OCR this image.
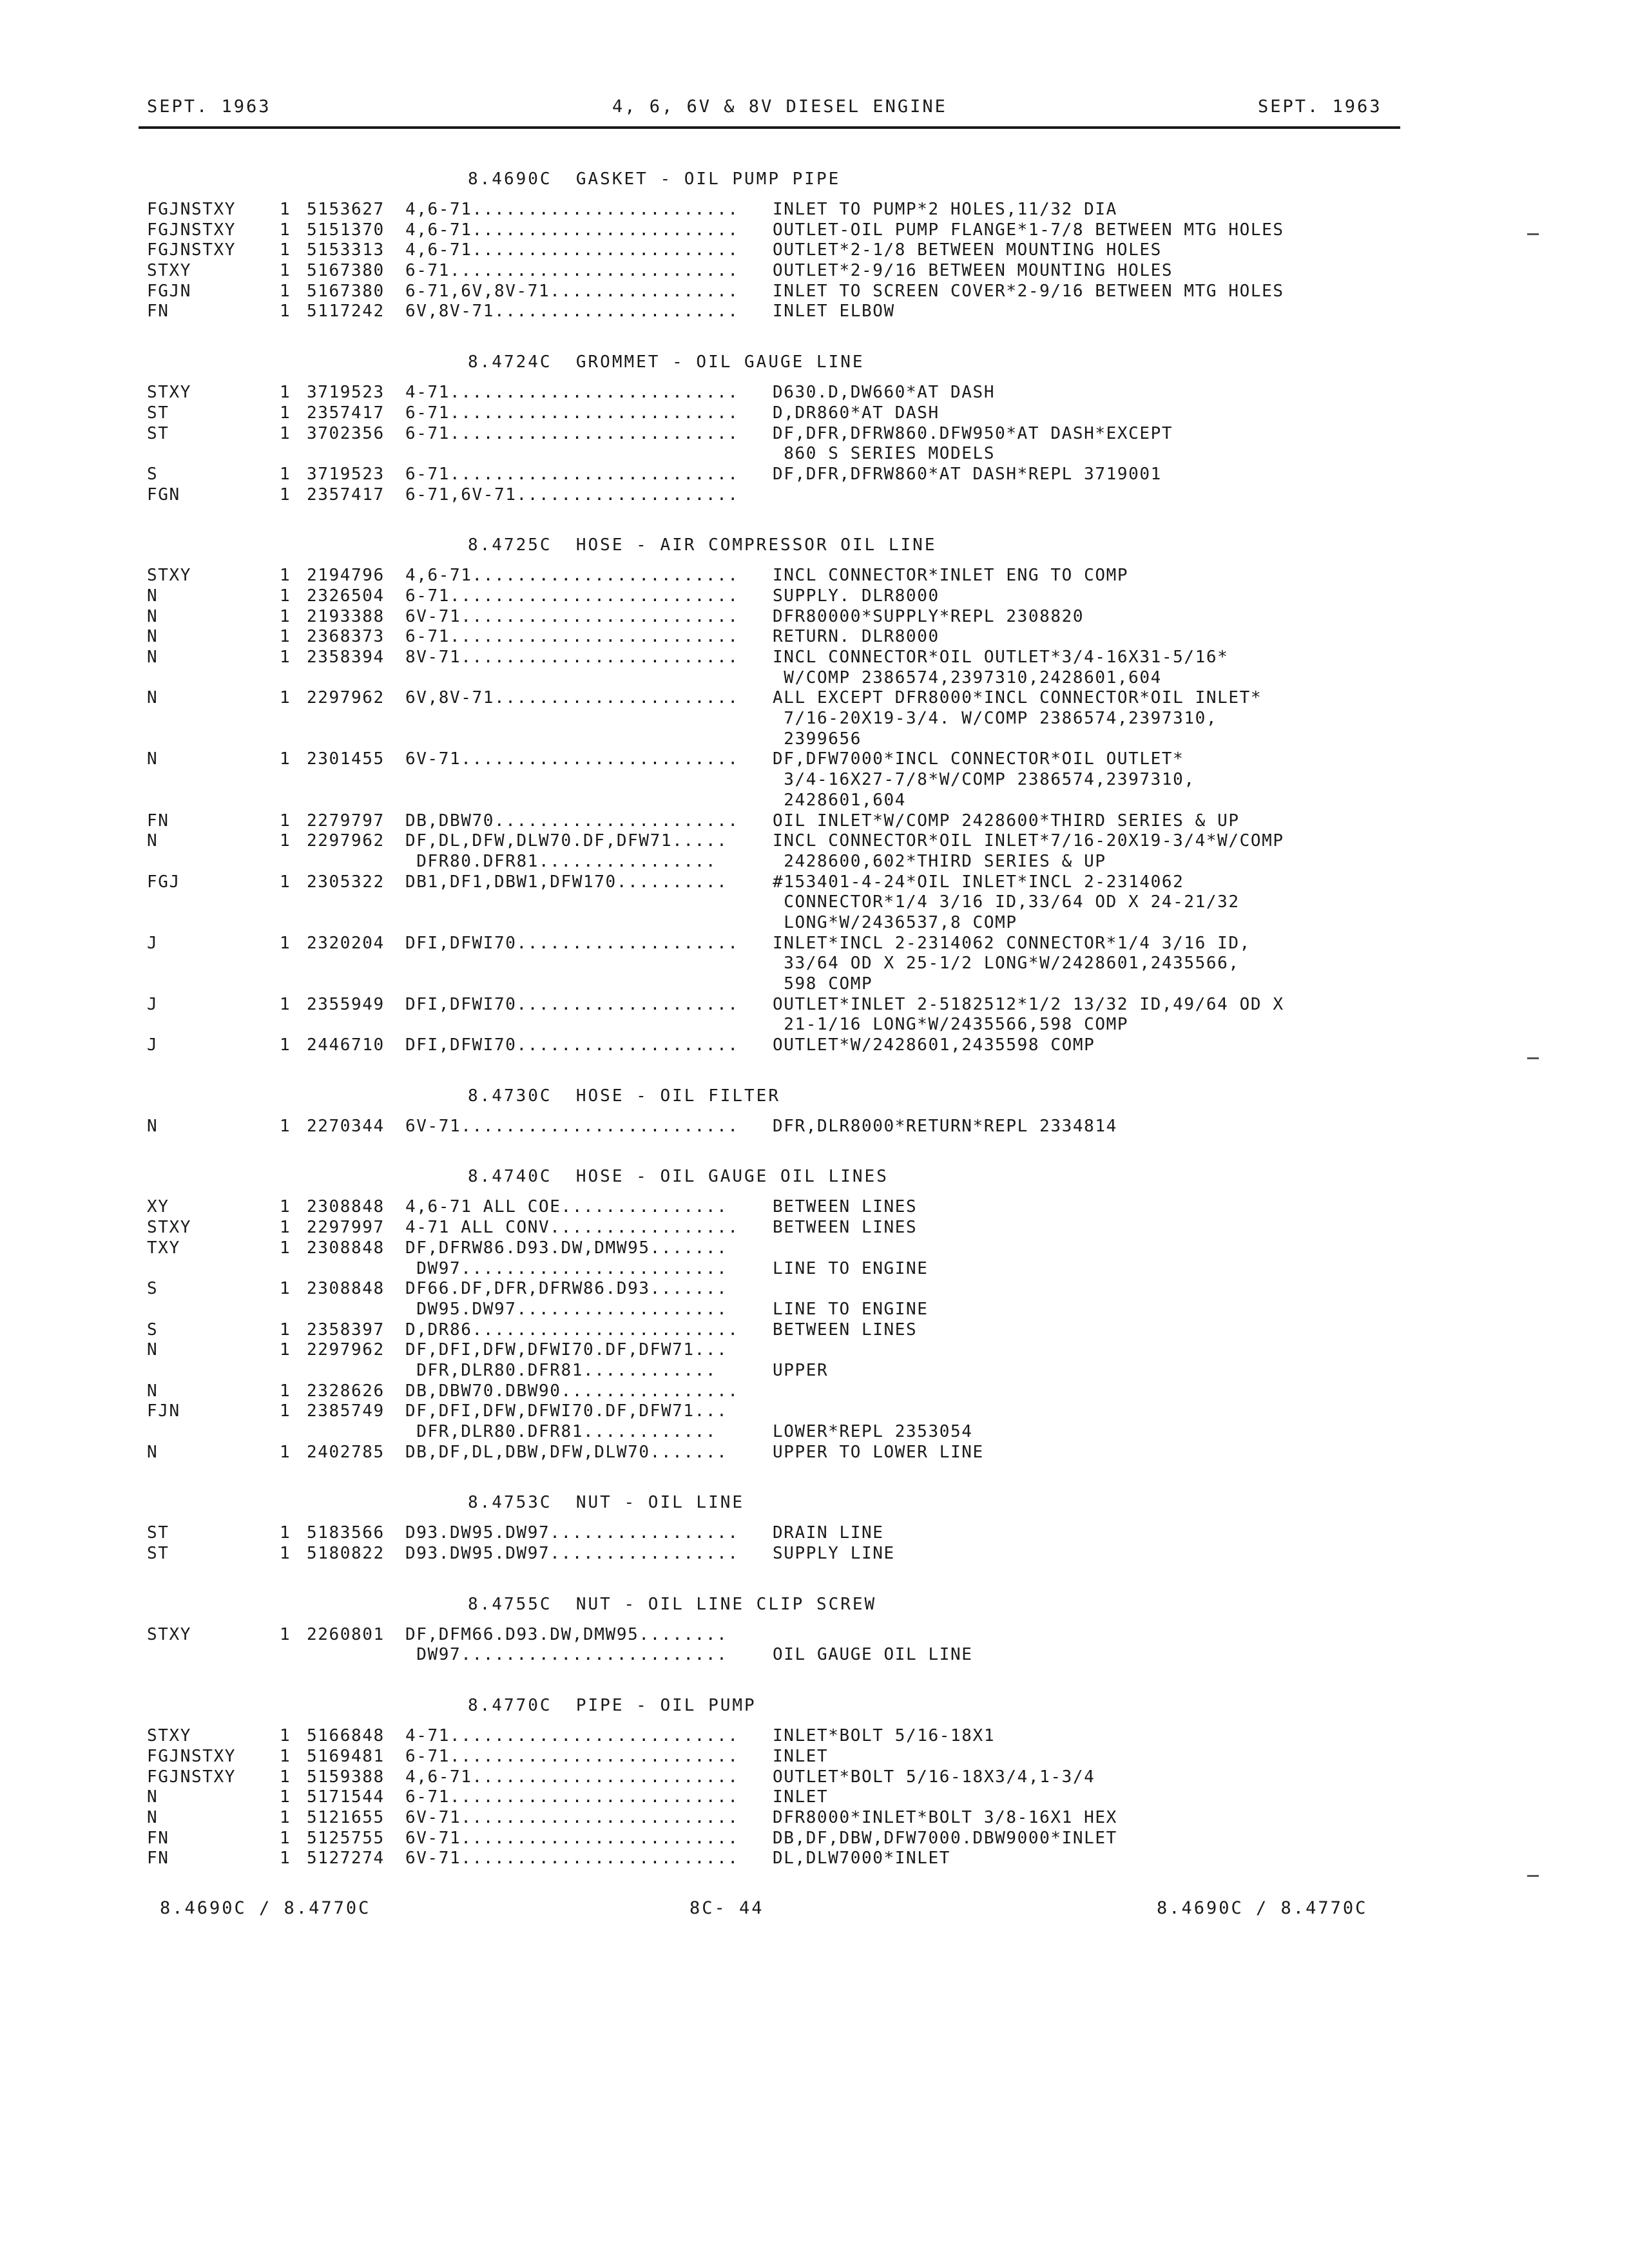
SEPT. 1963	4, 6, 6V & 8V DIESEL ENGINE	SEPT. 1963
8.4690C  GASKET - OIL PUMP PIPE
FGJNSTXY	1 5153627 4,6-71........................ INLET TO PUMP*2 HOLES,11/32 DIA
FGJNSTXY	1 5151370 4,6-71........................ OUTLET-OIL PUMP FLANGE*1-7/8 BETWEEN MTG HOLES
FGJNSTXY	1 5153313 4,6-71........................ OUTLET*2-1/8 BETWEEN MOUNTING HOLES
STXY	1 5167380 6-71.......................... OUTLET*2-9/16 BETWEEN MOUNTING HOLES
FGJN	1 5167380 6-71,6V,8V-71................. INLET TO SCREEN COVER*2-9/16 BETWEEN MTG HOLES
FN	1 5117242 6V,8V-71...................... INLET ELBOW
8.4724C  GROMMET - OIL GAUGE LINE
STXY	1 3719523 4-71.......................... D630.D,DW660*AT DASH
ST	1 2357417 6-71.......................... D,DR860*AT DASH
ST	1 3702356 6-71.......................... DF,DFR,DFRW860.DFW950*AT DASH*EXCEPT
860 S SERIES MODELS
S	1 3719523 6-71.......................... DF,DFR,DFRW860*AT DASH*REPL 3719001
FGN	1 2357417 6-71,6V-71....................
8.4725C  HOSE - AIR COMPRESSOR OIL LINE
STXY	1 2194796 4,6-71........................ INCL CONNECTOR*INLET ENG TO COMP
N	1 2326504 6-71.......................... SUPPLY. DLR8000
N	1 2193388 6V-71......................... DFR80000*SUPPLY*REPL 2308820
N	1 2368373 6-71.......................... RETURN. DLR8000
N	1 2358394 8V-71......................... INCL CONNECTOR*OIL OUTLET*3/4-16X31-5/16*
W/COMP 2386574,2397310,2428601,604
N	1 2297962 6V,8V-71...................... ALL EXCEPT DFR8000*INCL CONNECTOR*OIL INLET*
7/16-20X19-3/4. W/COMP 2386574,2397310,
2399656
N	1 2301455 6V-71......................... DF,DFW7000*INCL CONNECTOR*OIL OUTLET*
3/4-16X27-7/8*W/COMP 2386574,2397310,
2428601,604
FN	1 2279797 DB,DBW70...................... OIL INLET*W/COMP 2428600*THIRD SERIES & UP
N	1 2297962 DF,DL,DFW,DLW70.DF,DFW71.....	INCL CONNECTOR*OIL INLET*7/16-20X19-3/4*W/COMP
DFR80.DFR81................	2428600,602*THIRD SERIES & UP
FGJ	1 2305322 DB1,DF1,DBW1,DFW170..........	#153401-4-24*OIL INLET*INCL 2-2314062
CONNECTOR*1/4 3/16 ID,33/64 OD X 24-21/32
LONG*W/2436537,8 COMP
J	1 2320204 DFI,DFWI70.................... INLET*INCL 2-2314062 CONNECTOR*1/4 3/16 ID,
33/64 OD X 25-1/2 LONG*W/2428601,2435566,
598 COMP
J	1 2355949 DFI,DFWI70.................... OUTLET*INLET 2-5182512*1/2 13/32 ID,49/64 OD X
21-1/16 LONG*W/2435566,598 COMP
J	1 2446710 DFI,DFWI70.................... OUTLET*W/2428601,2435598 COMP
8.4730C  HOSE - OIL FILTER
N	1 2270344 6V-71......................... DFR,DLR8000*RETURN*REPL 2334814
8.4740C  HOSE - OIL GAUGE OIL LINES
XY	1 2308848 4,6-71 ALL COE...............	BETWEEN LINES
STXY	1 2297997 4-71 ALL CONV................. BETWEEN LINES
TXY	1 2308848 DF,DFRW86.D93.DW,DMW95.......
DW97........................	LINE TO ENGINE
S	1 2308848 DF66.DF,DFR,DFRW86.D93.......
DW95.DW97...................	LINE TO ENGINE
S	1 2358397 D,DR86........................ BETWEEN LINES
N	1 2297962 DF,DFI,DFW,DFWI70.DF,DFW71...
DFR,DLR80.DFR81............	UPPER
N	1 2328626 DB,DBW70.DBW90................
FJN	1 2385749 DF,DFI,DFW,DFWI70.DF,DFW71...
DFR,DLR80.DFR81............	LOWER*REPL 2353054
N	1 2402785 DB,DF,DL,DBW,DFW,DLW70.......	UPPER TO LOWER LINE
8.4753C  NUT - OIL LINE
ST	1 5183566 D93.DW95.DW97................. DRAIN LINE
ST	1 5180822 D93.DW95.DW97................. SUPPLY LINE
8.4755C  NUT - OIL LINE CLIP SCREW
STXY	1 2260801 DF,DFM66.D93.DW,DMW95........
DW97........................	OIL GAUGE OIL LINE
8.4770C  PIPE - OIL PUMP
STXY	1 5166848 4-71.......................... INLET*BOLT 5/16-18X1
FGJNSTXY	1 5169481 6-71.......................... INLET
FGJNSTXY	1 5159388 4,6-71........................ OUTLET*BOLT 5/16-18X3/4,1-3/4
N	1 5171544 6-71.......................... INLET
N	1 5121655 6V-71......................... DFR8000*INLET*BOLT 3/8-16X1 HEX
FN	1 5125755 6V-71......................... DB,DF,DBW,DFW7000.DBW9000*INLET
FN	1 5127274 6V-71......................... DL,DLW7000*INLET
8.4690C / 8.4770C	8C- 44	8.4690C / 8.4770C
